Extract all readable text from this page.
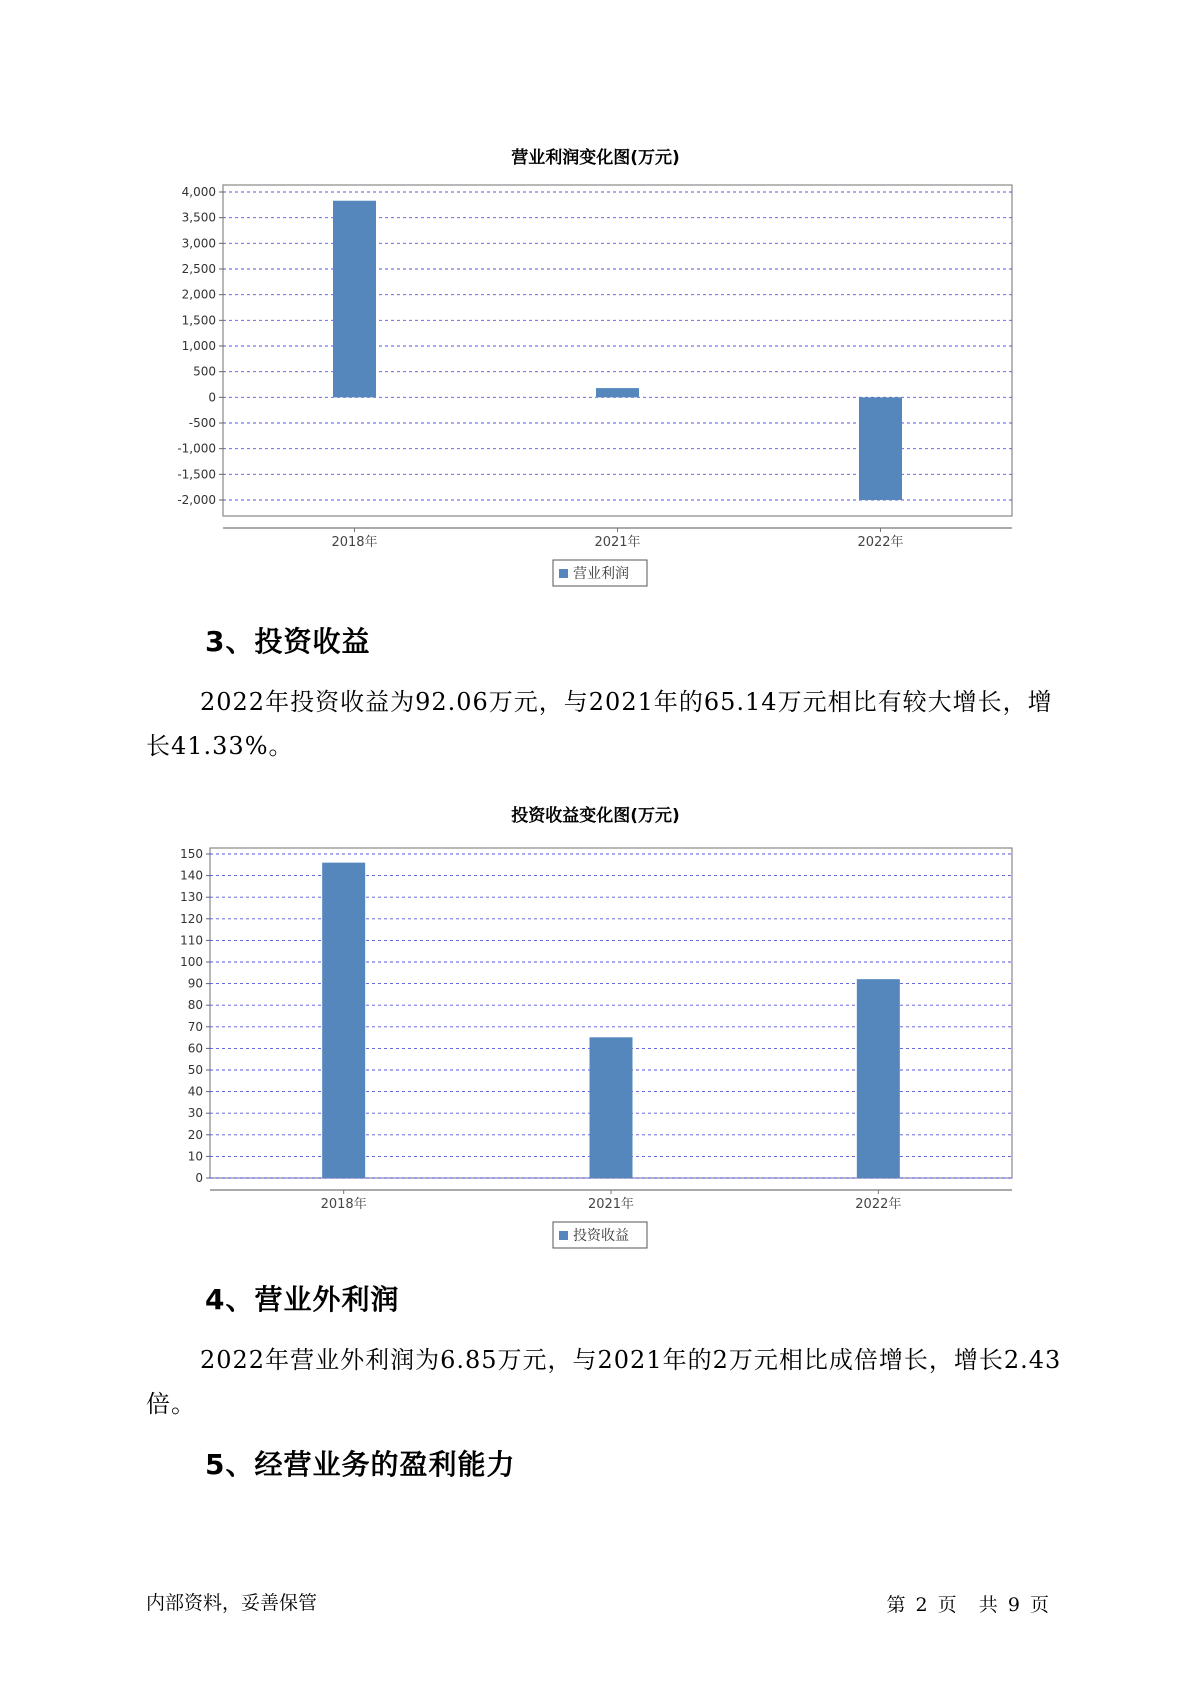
营业利润变化图(万元)
4,000
3,500
3,000
2,500
2,000
1,500
1,000
500
0
-500
-1,000
-1,500
-2,000
2018年	2021年	2022年
营业利润
3、投资收益
2022年投资收益为92.06万元，与2021年的65.14万元相比有较大增长，增长41.33%。
投资收益变化图(万元)
150
140
130
120
110
100
90
80
70
60
50
40
30
20
10
0
2018年	2021年	2022年
投资收益
4、营业外利润
2022年营业外利润为6.85万元，与2021年的2万元相比成倍增长，增长2.43倍。
5、经营业务的盈利能力
内部资料，妥善保管	第 2 页 共 9 页
